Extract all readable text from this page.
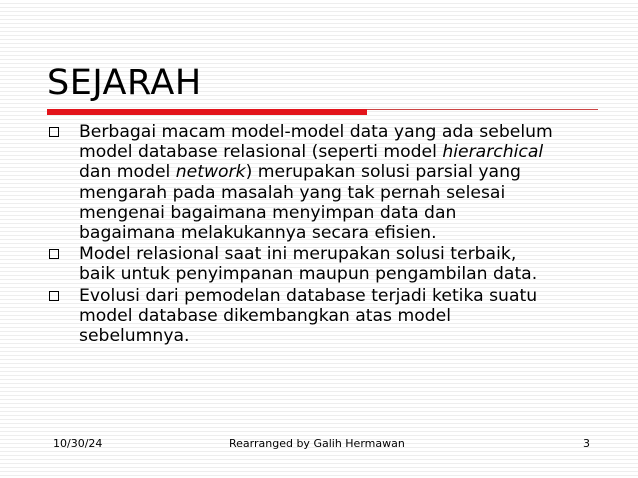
SEJARAH
Berbagai macam model-model data yang ada sebelum
model database relasional (seperti model hierarchical
dan model network) merupakan solusi parsial yang
mengarah pada masalah yang tak pernah selesai
mengenai bagaimana menyimpan data dan
bagaimana melakukannya secara efisien.
Model relasional saat ini merupakan solusi terbaik,
baik untuk penyimpanan maupun pengambilan data.
Evolusi dari pemodelan database terjadi ketika suatu
model database dikembangkan atas model
sebelumnya.
10/30/24	Rearranged by Galih Hermawan	3
